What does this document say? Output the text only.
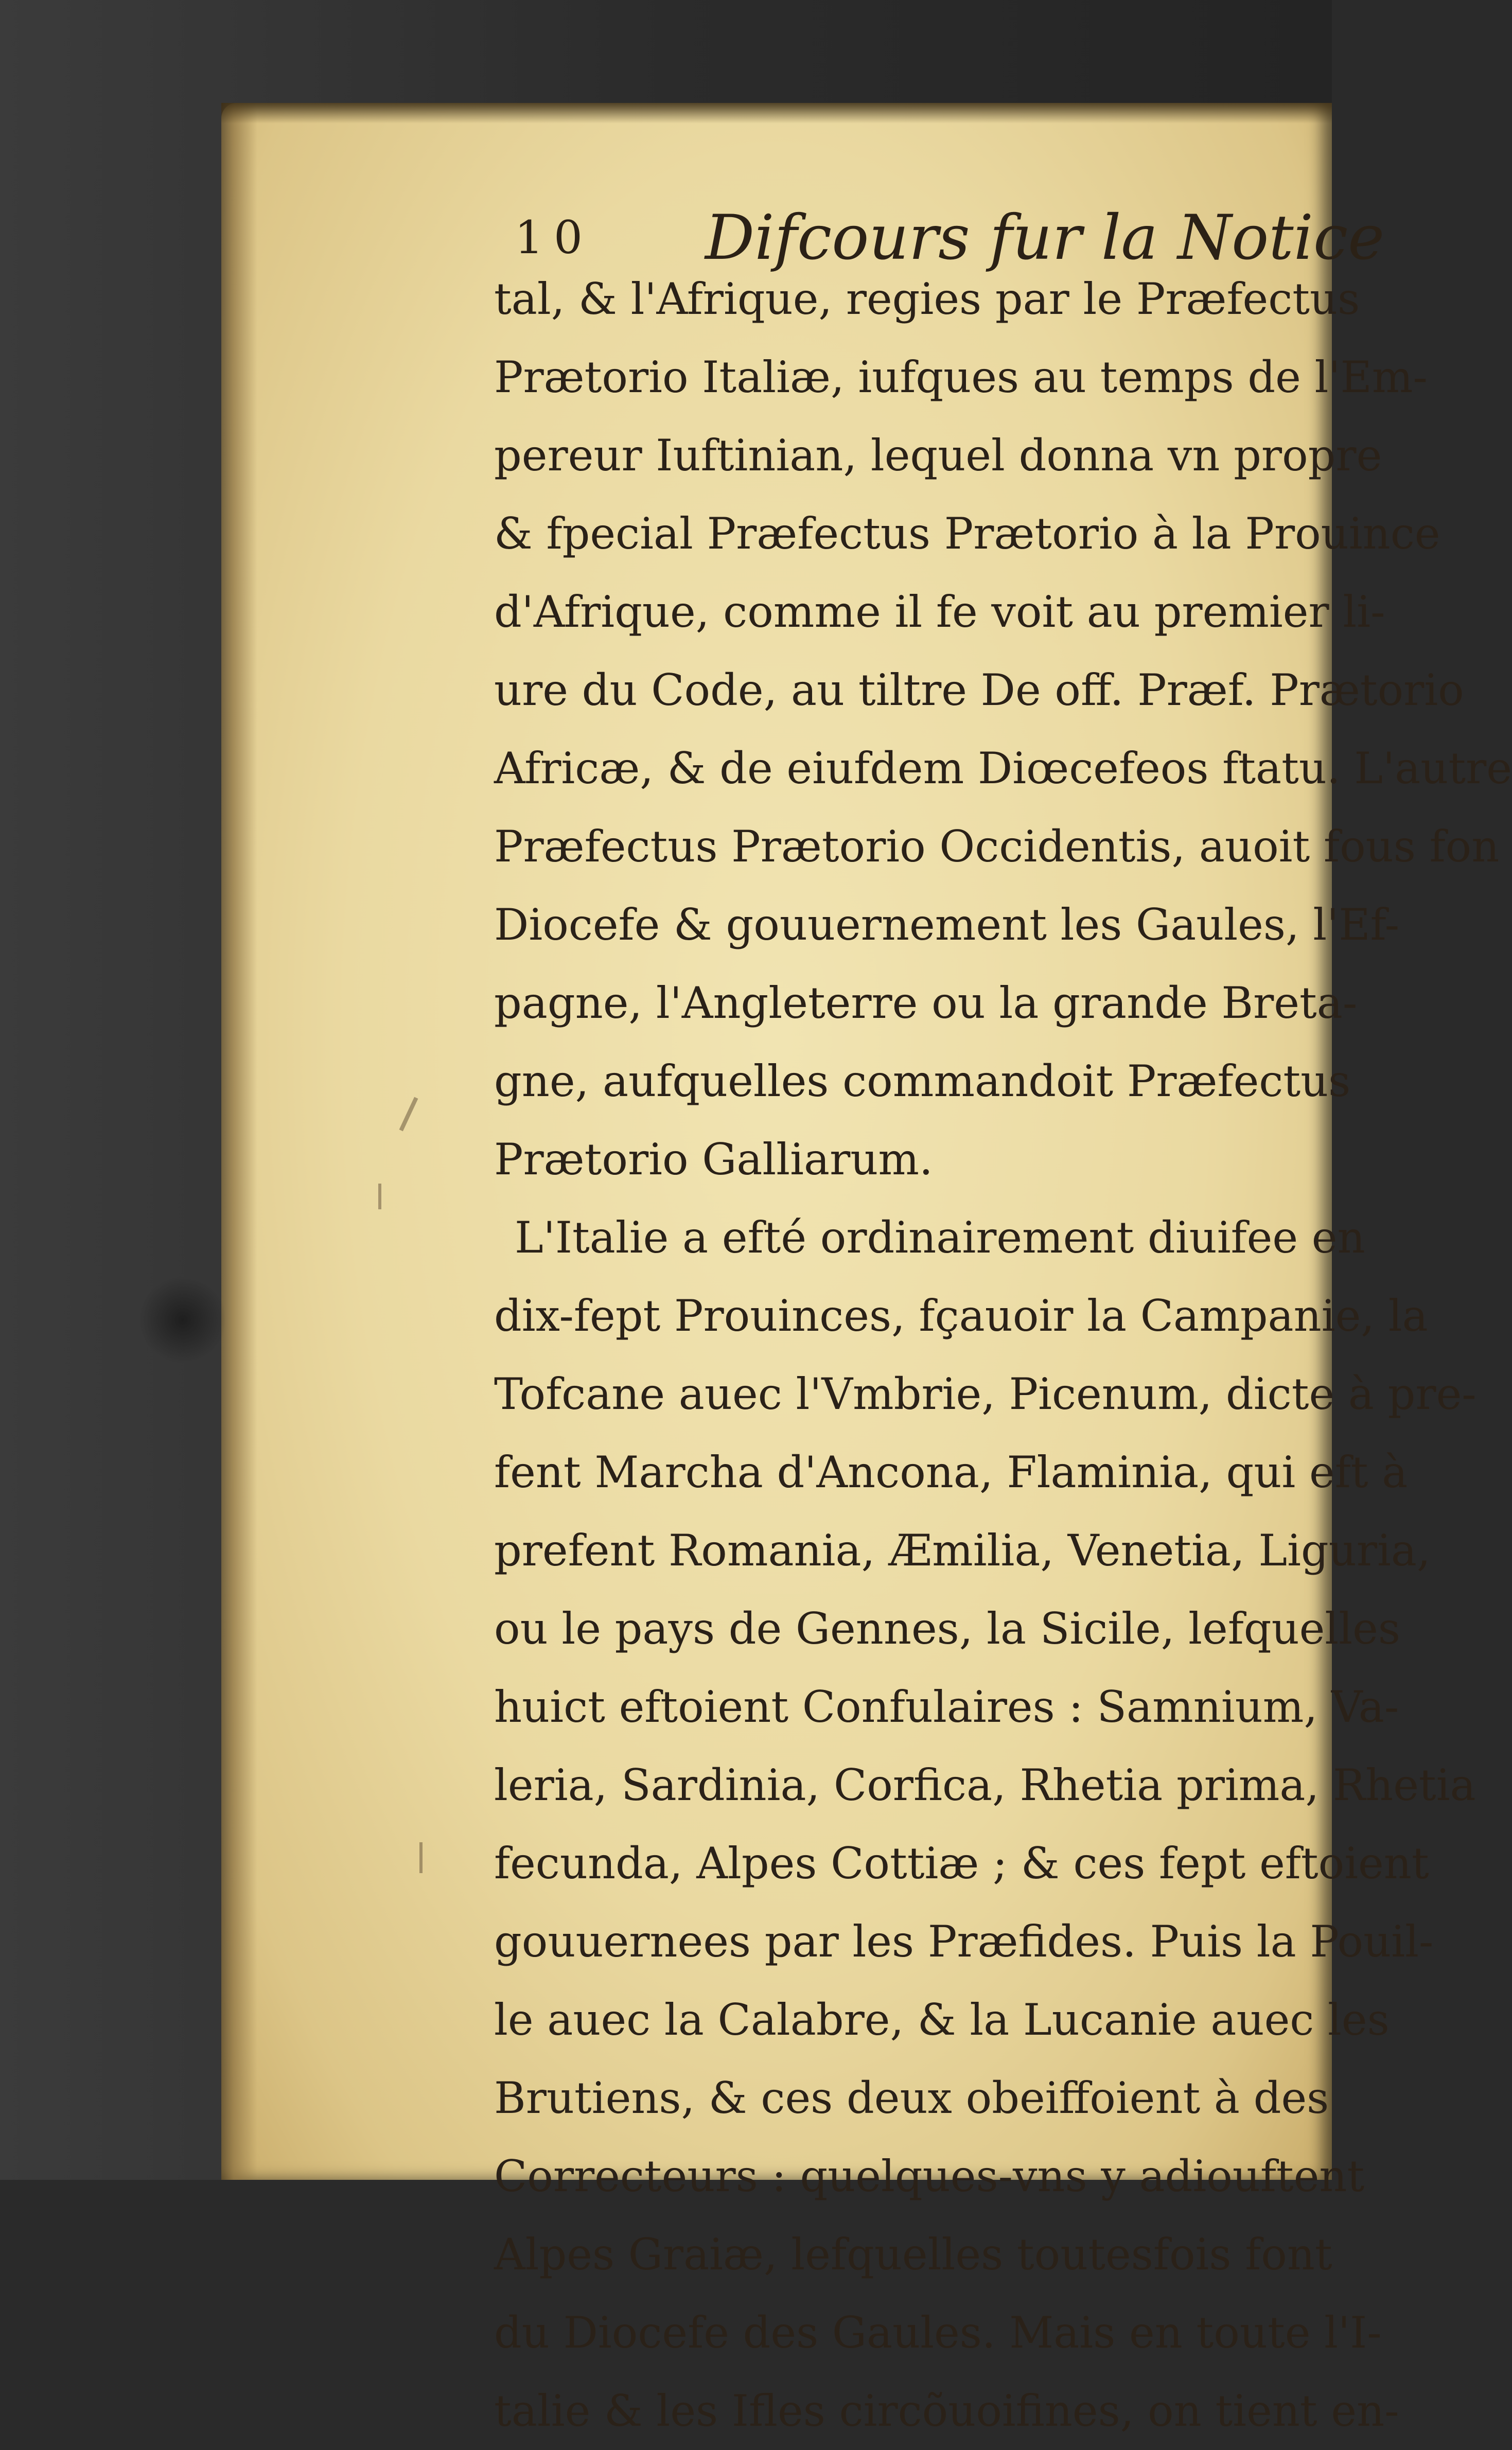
10 Difcours fur la Notice
tal, & l'Afrique, regies par le Præfectus
Prætorio Italiæ, iufques au temps de l'Em-
pereur Iuftinian, lequel donna vn propre
& fpecial Præfectus Prætorio à la Prouince
d'Afrique, comme il fe voit au premier li-
ure du Code, au tiltre De off. Præf. Prætorio
Africæ, & de eiufdem Diœcefeos ftatu. L'autre
Præfectus Prætorio Occidentis, auoit fous fon
Diocefe & gouuernement les Gaules, l'Ef-
pagne, l'Angleterre ou la grande Breta-
gne, aufquelles commandoit Præfectus
Prætorio Galliarum.
L'Italie a efté ordinairement diuifee en
dix-fept Prouinces, fçauoir la Campanie, la
Tofcane auec l'Vmbrie, Picenum, dicte à pre-
fent Marcha d'Ancona, Flaminia, qui eft à
prefent Romania, Æmilia, Venetia, Liguria,
ou le pays de Gennes, la Sicile, lefquelles
huict eftoient Confulaires : Samnium, Va-
leria, Sardinia, Corfica, Rhetia prima, Rhetia
fecunda, Alpes Cottiæ ; & ces fept eftoient
gouuernees par les Præfides. Puis la Pouil-
le auec la Calabre, & la Lucanie auec les
Brutiens, & ces deux obeiffoient à des
Correcteurs : quelques-vns y adiouftent
Alpes Graiæ, lefquelles toutesfois font
du Diocefe des Gaules. Mais en toute l'I-
talie & les Ifles circõuoifines, on tient en-
